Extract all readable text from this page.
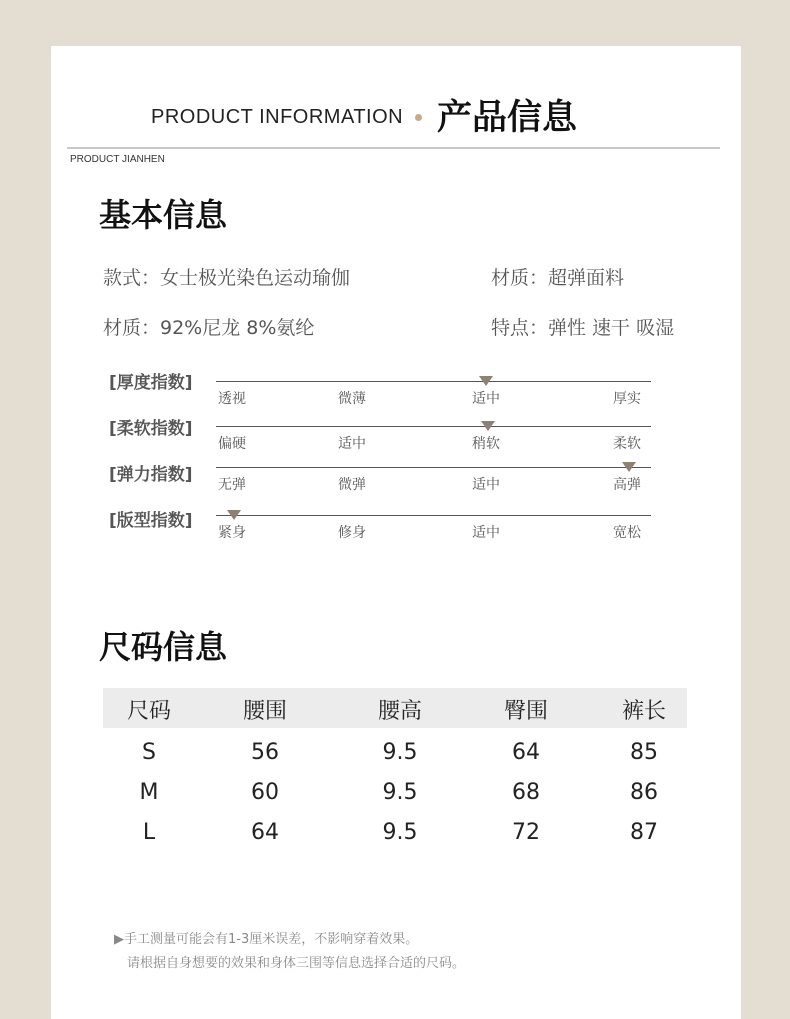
PRODUCT INFORMATION 产品信息
PRODUCT JIANHEN
基本信息
款式：女士极光染色运动瑜伽	材质：超弹面料
材质：92%尼龙 8%氨纶	特点：弹性 速干 吸湿
[厚度指数]
透视	微薄	适中	厚实
[柔软指数]
偏硬	适中	稍软	柔软
[弹力指数] 无弹	微弹	适中	高弹
[版型指数]
紧身	修身	适中	宽松
尺码信息
尺码	腰围	腰高	臀围	裤长
S	56	9.5	64	85
M	60	9.5	68	86
L	64	9.5	72	87
▶手工测量可能会有1-3厘米误差，不影响穿着效果。
请根据自身想要的效果和身体三围等信息选择合适的尺码。
